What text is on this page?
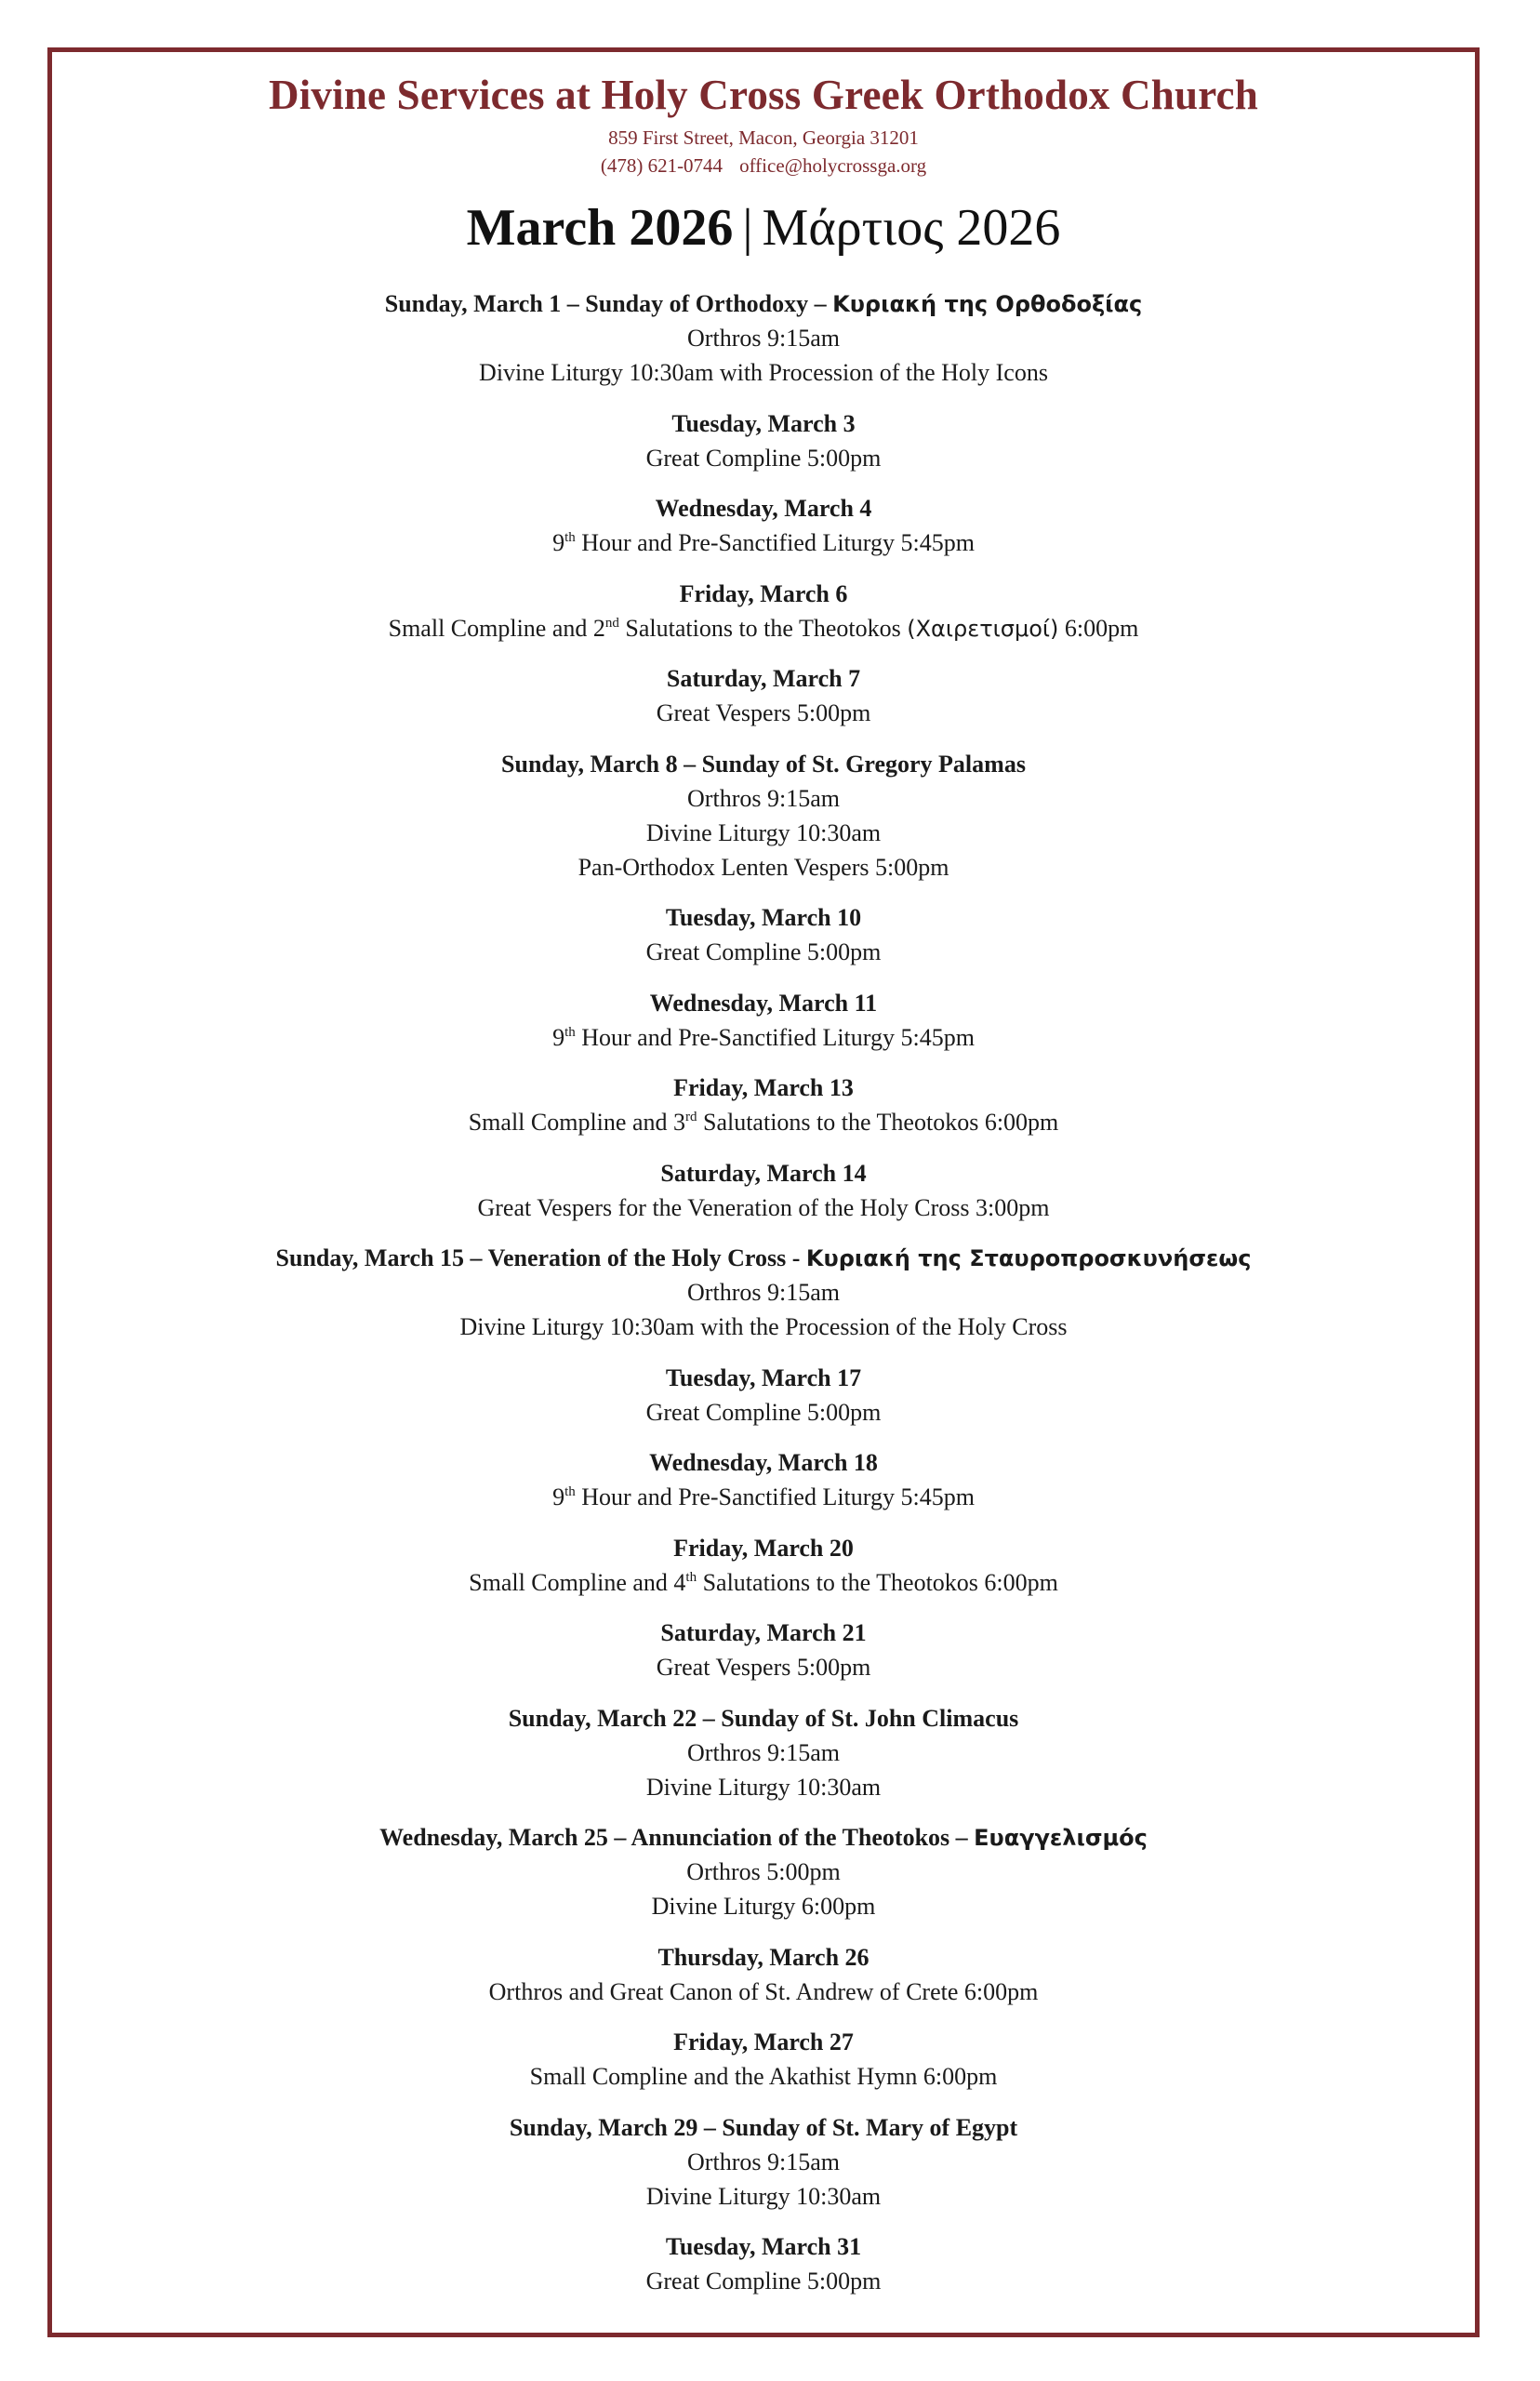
Divine Services at Holy Cross Greek Orthodox Church
859 First Street, Macon, Georgia 31201
(478) 621-0744 office@holycrossga.org
March 2026 | Μάρτιος 2026
Sunday, March 1 – Sunday of Orthodoxy – Κυριακή της Ορθοδοξίας
Orthros 9:15am
Divine Liturgy 10:30am with Procession of the Holy Icons
Tuesday, March 3
Great Compline 5:00pm
Wednesday, March 4
9th Hour and Pre-Sanctified Liturgy 5:45pm
Friday, March 6
Small Compline and 2nd Salutations to the Theotokos (Χαιρετισμοί) 6:00pm
Saturday, March 7
Great Vespers 5:00pm
Sunday, March 8 – Sunday of St. Gregory Palamas
Orthros 9:15am
Divine Liturgy 10:30am
Pan-Orthodox Lenten Vespers 5:00pm
Tuesday, March 10
Great Compline 5:00pm
Wednesday, March 11
9th Hour and Pre-Sanctified Liturgy 5:45pm
Friday, March 13
Small Compline and 3rd Salutations to the Theotokos 6:00pm
Saturday, March 14
Great Vespers for the Veneration of the Holy Cross 3:00pm
Sunday, March 15 – Veneration of the Holy Cross - Κυριακή της Σταυροπροσκυνήσεως
Orthros 9:15am
Divine Liturgy 10:30am with the Procession of the Holy Cross
Tuesday, March 17
Great Compline 5:00pm
Wednesday, March 18
9th Hour and Pre-Sanctified Liturgy 5:45pm
Friday, March 20
Small Compline and 4th Salutations to the Theotokos 6:00pm
Saturday, March 21
Great Vespers 5:00pm
Sunday, March 22 – Sunday of St. John Climacus
Orthros 9:15am
Divine Liturgy 10:30am
Wednesday, March 25 – Annunciation of the Theotokos – Ευαγγελισμός
Orthros 5:00pm
Divine Liturgy 6:00pm
Thursday, March 26
Orthros and Great Canon of St. Andrew of Crete 6:00pm
Friday, March 27
Small Compline and the Akathist Hymn 6:00pm
Sunday, March 29 – Sunday of St. Mary of Egypt
Orthros 9:15am
Divine Liturgy 10:30am
Tuesday, March 31
Great Compline 5:00pm
